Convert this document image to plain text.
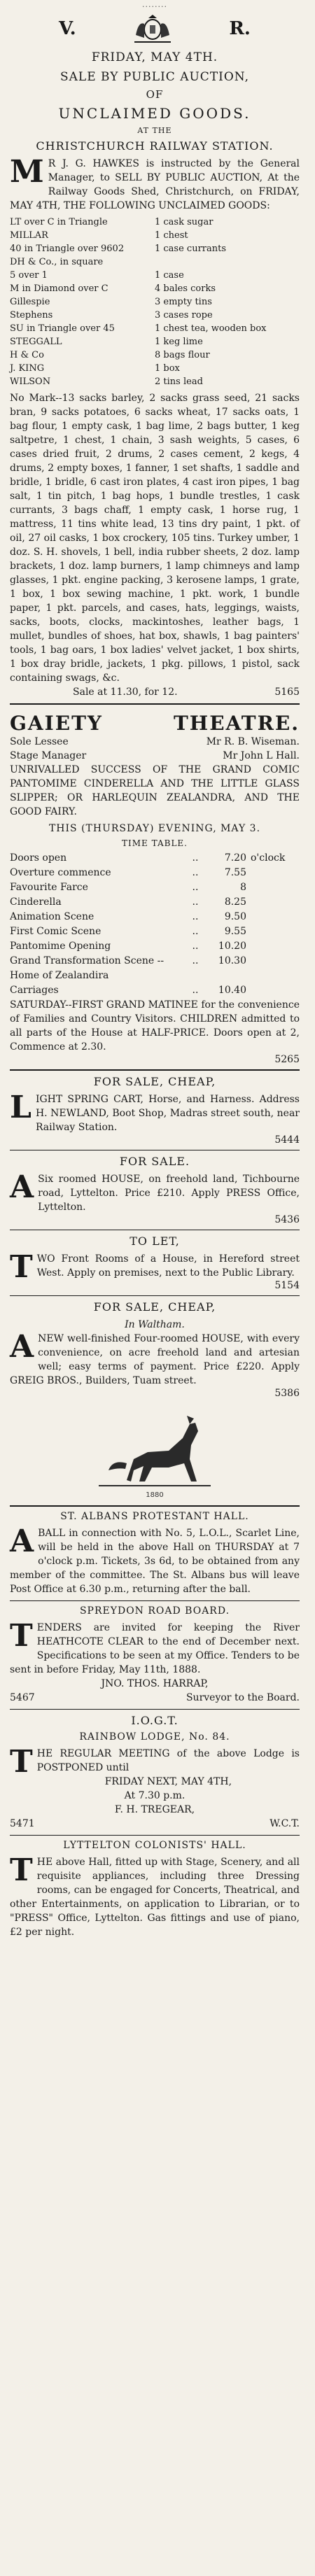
........
V.	R.
FRIDAY, MAY 4TH.
SALE BY PUBLIC AUCTION,
OF
UNCLAIMED GOODS.
AT THE
CHRISTCHURCH RAILWAY STATION.
M R J. G. HAWKES is instructed by the General Manager, to SELL BY PUBLIC AUCTION, At the Railway Goods Shed, Christchurch, on FRIDAY, MAY 4TH, THE FOLLOWING UNCLAIMED GOODS:
LT over C in Triangle	1 cask sugar
MILLAR	1 chest
40 in Triangle over 9602	1 case currants
DH & Co., in square
5 over 1	1 case
M in Diamond over C	4 bales corks
Gillespie	3 empty tins
Stephens	3 cases rope
SU in Triangle over 45	1 chest tea, wooden box
STEGGALL	1 keg lime
H & Co	8 bags flour
J. KING	1 box
WILSON	2 tins lead
No Mark--13 sacks barley, 2 sacks grass seed, 21 sacks bran, 9 sacks potatoes, 6 sacks wheat, 17 sacks oats, 1 bag flour, 1 empty cask, 1 bag lime, 2 bags butter, 1 keg saltpetre, 1 chest, 1 chain, 3 sash weights, 5 cases, 6 cases dried fruit, 2 drums, 2 cases cement, 2 kegs, 4 drums, 2 empty boxes, 1 fanner, 1 set shafts, 1 saddle and bridle, 1 bridle, 6 cast iron plates, 4 cast iron pipes, 1 bag salt, 1 tin pitch, 1 bag hops, 1 bundle trestles, 1 cask currants, 3 bags chaff, 1 empty cask, 1 horse rug, 1 mattress, 11 tins white lead, 13 tins dry paint, 1 pkt. of oil, 27 oil casks, 1 box crockery, 105 tins. Turkey umber, 1 doz. S. H. shovels, 1 bell, india rubber sheets, 2 doz. lamp brackets, 1 doz. lamp burners, 1 lamp chimneys and lamp glasses, 1 pkt. engine packing, 3 kerosene lamps, 1 grate, 1 box, 1 box sewing machine, 1 pkt. work, 1 bundle paper, 1 pkt. parcels, and cases, hats, leggings, waists, sacks, boots, clocks, mackintoshes, leather bags, 1 mullet, bundles of shoes, hat box, shawls, 1 bag painters' tools, 1 bag oars, 1 box ladies' velvet jacket, 1 box shirts, 1 box dray bridle, jackets, 1 pkg. pillows, 1 pistol, sack containing swags, &c.
Sale at 11.30, for 12.	5165
GAIETY	THEATRE.
Sole Lessee	Mr R. B. Wiseman.
Stage Manager	Mr John L Hall.
UNRIVALLED SUCCESS OF THE GRAND COMIC PANTOMIME CINDERELLA AND THE LITTLE GLASS SLIPPER; OR HARLEQUIN ZEALANDRA, AND THE GOOD FAIRY.
THIS (THURSDAY) EVENING, MAY 3.
TIME TABLE.
Doors open	..	7.20 o'clock
Overture commence	..	7.55
Favourite Farce	..	8
Cinderella	..	8.25
Animation Scene	..	9.50
First Comic Scene	..	9.55
Pantomime Opening	..	10.20
Grand Transformation Scene -- Home of Zealandira
..	10.30
Carriages	..	10.40
SATURDAY--FIRST GRAND MATINEE for the convenience of Families and Country Visitors. CHILDREN admitted to all parts of the House at HALF-PRICE. Doors open at 2, Commence at 2.30.
5265
FOR SALE, CHEAP,
L IGHT SPRING CART, Horse, and Harness. Address H. NEWLAND, Boot Shop, Madras street south, near Railway Station.
5444
FOR SALE.
A Six roomed HOUSE, on freehold land, Tichbourne road, Lyttelton. Price £210. Apply PRESS Office, Lyttelton.
5436
TO LET,
T WO Front Rooms of a House, in Hereford street West. Apply on premises, next to the Public Library.
5154
FOR SALE, CHEAP,
In Waltham.
A NEW well-finished Four-roomed HOUSE, with every convenience, on acre freehold land and artesian well; easy terms of payment. Price £220. Apply GREIG BROS., Builders, Tuam street.
5386
1880
ST. ALBANS PROTESTANT HALL.
A BALL in connection with No. 5, L.O.L., Scarlet Line, will be held in the above Hall on THURSDAY at 7 o'clock p.m. Tickets, 3s 6d, to be obtained from any member of the committee. The St. Albans bus will leave Post Office at 6.30 p.m., returning after the ball.
SPREYDON ROAD BOARD.
T ENDERS are invited for keeping the River HEATHCOTE CLEAR to the end of December next. Specifications to be seen at my Office. Tenders to be sent in before Friday, May 11th, 1888.
JNO. THOS. HARRAP,
5467	Surveyor to the Board.
I.O.G.T.
RAINBOW LODGE, No. 84.
T HE REGULAR MEETING of the above Lodge is POSTPONED until
FRIDAY NEXT, MAY 4TH,
At 7.30 p.m.
F. H. TREGEAR,
5471	W.C.T.
LYTTELTON COLONISTS' HALL.
T HE above Hall, fitted up with Stage, Scenery, and all requisite appliances, including three Dressing rooms, can be engaged for Concerts, Theatrical, and other Entertainments, on application to Librarian, or to "PRESS" Office, Lyttelton. Gas fittings and use of piano, £2 per night.
